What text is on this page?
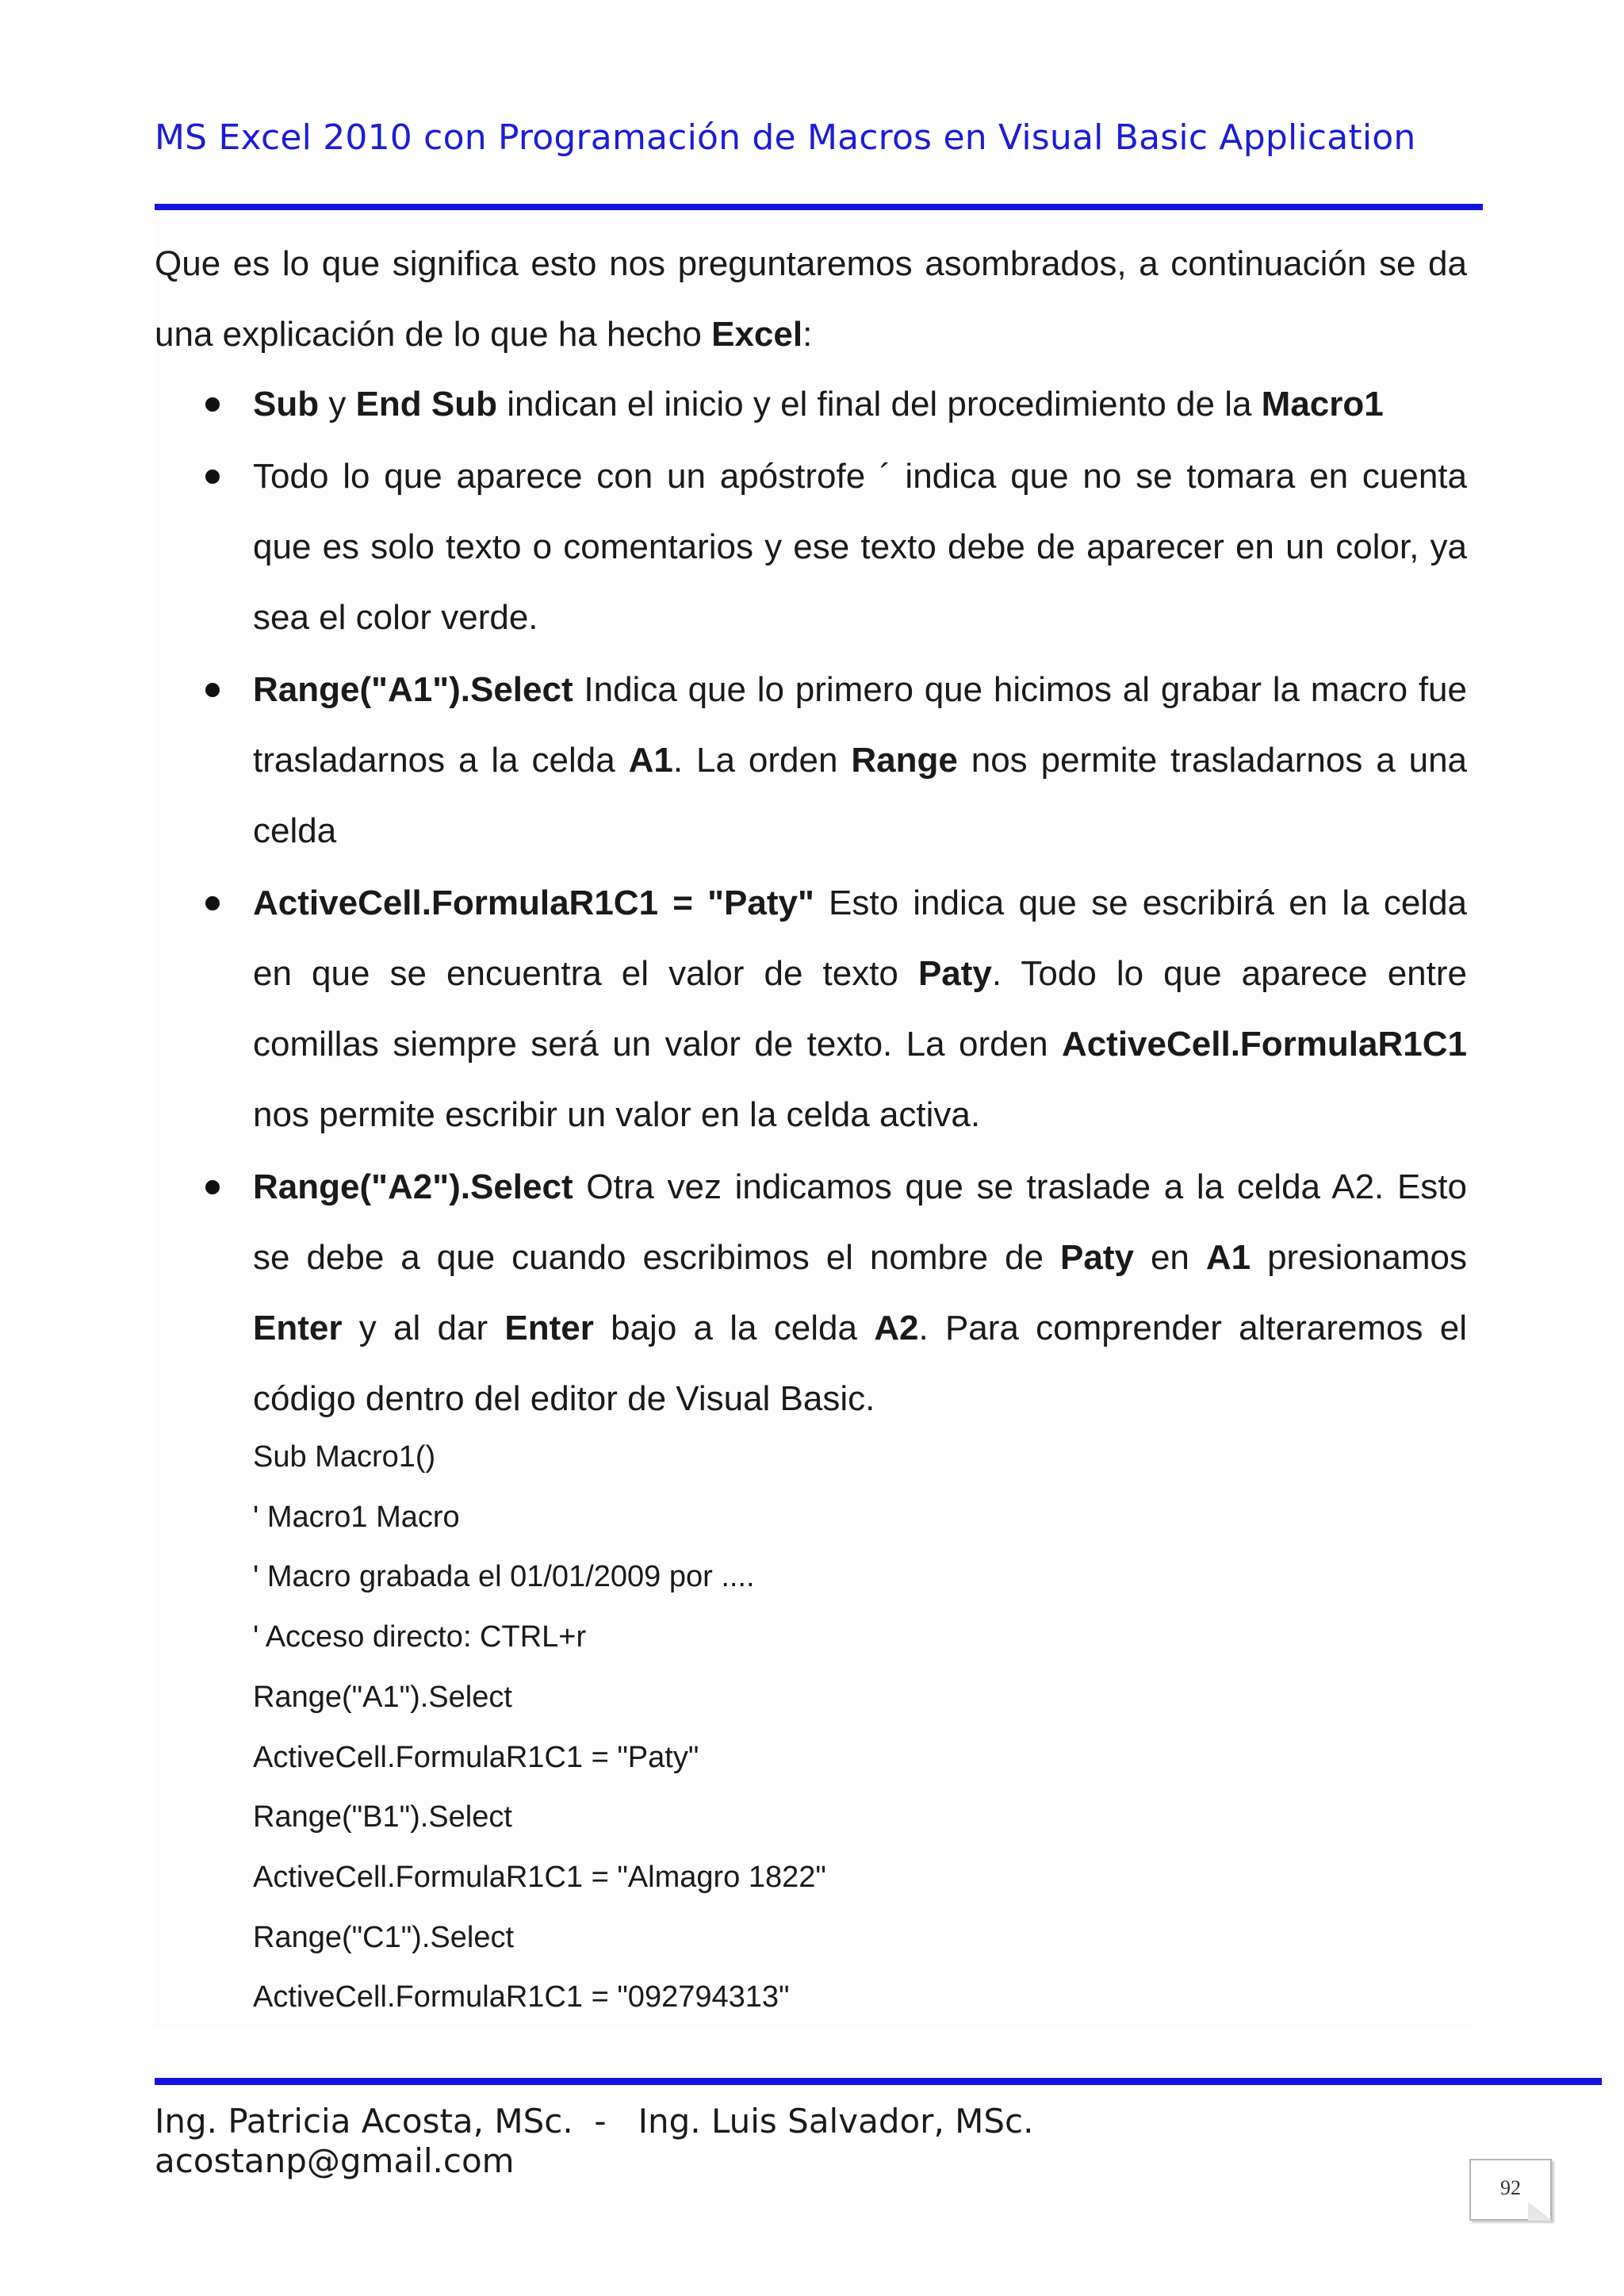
MS Excel 2010 con Programación de Macros en Visual Basic Application

Que es lo que significa esto nos preguntaremos asombrados, a continuación se da una explicación de lo que ha hecho Excel:

Sub y End Sub indican el inicio y el final del procedimiento de la Macro1
Todo lo que aparece con un apóstrofe ´ indica que no se tomara en cuenta que es solo texto o comentarios y ese texto debe de aparecer en un color, ya sea el color verde.
Range("A1").Select Indica que lo primero que hicimos al grabar la macro fue trasladarnos a la celda A1. La orden Range nos permite trasladarnos a una celda
ActiveCell.FormulaR1C1 = "Paty" Esto indica que se escribirá en la celda en que se encuentra el valor de texto Paty. Todo lo que aparece entre comillas siempre será un valor de texto. La orden ActiveCell.FormulaR1C1 nos permite escribir un valor en la celda activa.
Range("A2").Select Otra vez indicamos que se traslade a la celda A2. Esto se debe a que cuando escribimos el nombre de Paty en A1 presionamos Enter y al dar Enter bajo a la celda A2. Para comprender alteraremos el código dentro del editor de Visual Basic.
Sub Macro1()
' Macro1 Macro
' Macro grabada el 01/01/2009 por ....
' Acceso directo: CTRL+r
Range("A1").Select
ActiveCell.FormulaR1C1 = "Paty"
Range("B1").Select
ActiveCell.FormulaR1C1 = "Almagro 1822"
Range("C1").Select
ActiveCell.FormulaR1C1 = "092794313"
Ing. Patricia Acosta, MSc.  -   Ing. Luis Salvador, MSc.
acostanp@gmail.com
92
